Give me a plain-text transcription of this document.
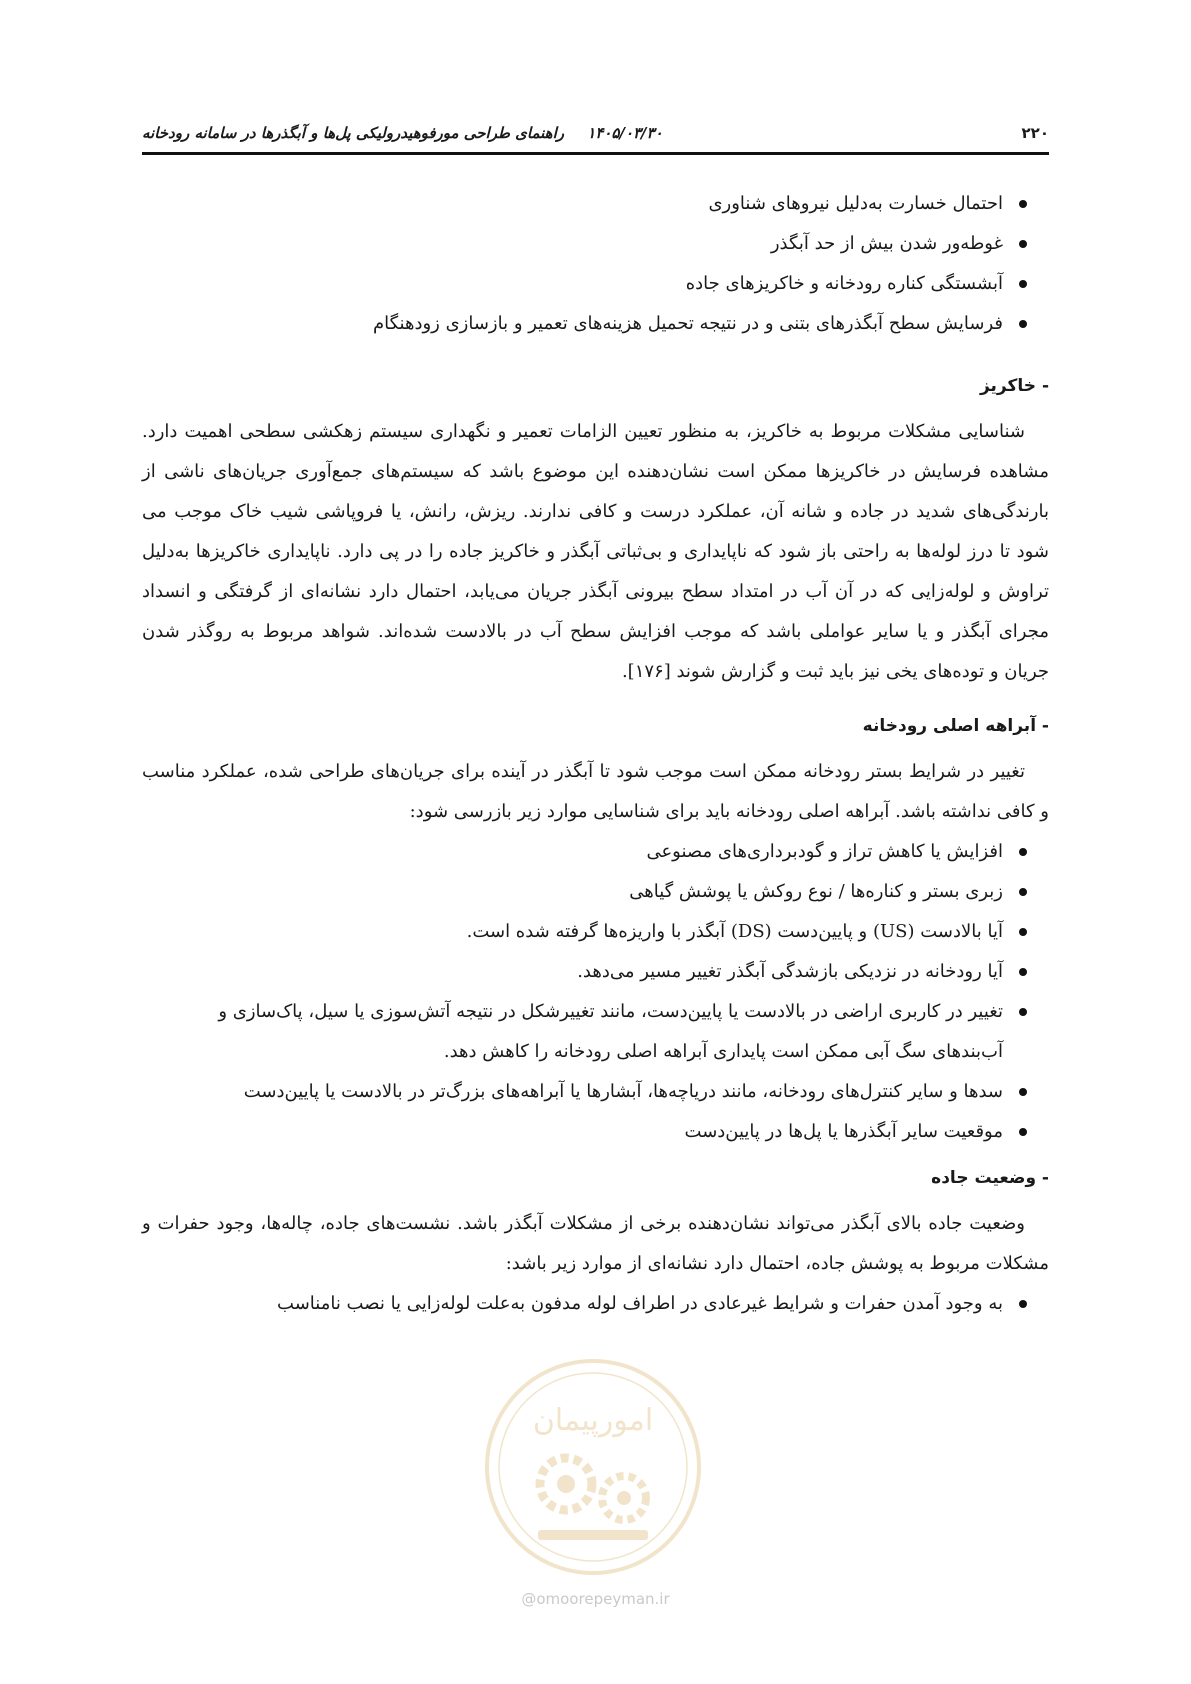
۲۲۰
۱۴۰۵/۰۳/۳۰ راهنمای طراحی مورفوهیدرولیکی پل‌ها و آبگذرها در سامانه رودخانه
احتمال خسارت به‌دلیل نیروهای شناوری
غوطه‌ور شدن بیش از حد آبگذر
آبشستگی کناره رودخانه و خاکریزهای جاده
فرسایش سطح آبگذرهای بتنی و در نتیجه تحمیل هزینه‌های تعمیر و بازسازی زودهنگام
- خاکریز

شناسایی مشکلات مربوط به خاکریز، به منظور تعیین الزامات تعمیر و نگهداری سیستم زهکشی سطحی اهمیت دارد. مشاهده فرسایش در خاکریزها ممکن است نشان‌دهنده این موضوع باشد که سیستم‌های جمع‌آوری جریان‌های ناشی از بارندگی‌های شدید در جاده و شانه آن، عملکرد درست و کافی ندارند. ریزش، رانش، یا فروپاشی شیب خاک موجب می شود تا درز لوله‌ها به راحتی باز شود که ناپایداری و بی‌ثباتی آبگذر و خاکریز جاده را در پی دارد. ناپایداری خاکریزها به‌دلیل تراوش و لوله‌زایی که در آن آب در امتداد سطح بیرونی آبگذر جریان می‌یابد، احتمال دارد نشانه‌ای از گرفتگی و انسداد مجرای آبگذر و یا سایر عواملی باشد که موجب افزایش سطح آب در بالادست شده‌اند. شواهد مربوط به روگذر شدن جریان و توده‌های یخی نیز باید ثبت و گزارش شوند [۱۷۶].

- آبراهه اصلی رودخانه

تغییر در شرایط بستر رودخانه ممکن است موجب شود تا آبگذر در آینده برای جریان‌های طراحی شده، عملکرد مناسب و کافی نداشته باشد. آبراهه اصلی رودخانه باید برای شناسایی موارد زیر بازرسی شود:

افزایش یا کاهش تراز و گودبرداری‌های مصنوعی
زبری بستر و کناره‌ها / نوع روکش یا پوشش گیاهی
آیا بالادست (US) و پایین‌دست (DS) آبگذر با واریزه‌ها گرفته شده است.
آیا رودخانه در نزدیکی بازشدگی آبگذر تغییر مسیر می‌دهد.
تغییر در کاربری اراضی در بالادست یا پایین‌دست، مانند تغییرشکل در نتیجه آتش‌سوزی یا سیل، پاک‌سازی و آب‌بندهای سگ آبی ممکن است پایداری آبراهه اصلی رودخانه را کاهش دهد.
سدها و سایر کنترل‌های رودخانه، مانند دریاچه‌ها، آبشارها یا آبراهه‌های بزرگ‌تر در بالادست یا پایین‌دست
موقعیت سایر آبگذرها یا پل‌ها در پایین‌دست
- وضعیت جاده

وضعیت جاده بالای آبگذر می‌تواند نشان‌دهنده برخی از مشکلات آبگذر باشد. نشست‌های جاده، چاله‌ها، وجود حفرات و مشکلات مربوط به پوشش جاده، احتمال دارد نشانه‌ای از موارد زیر باشد:

به وجود آمدن حفرات و شرایط غیرعادی در اطراف لوله مدفون به‌علت لوله‌زایی یا نصب نامناسب
امورپیمان
@omoorepeyman.ir
